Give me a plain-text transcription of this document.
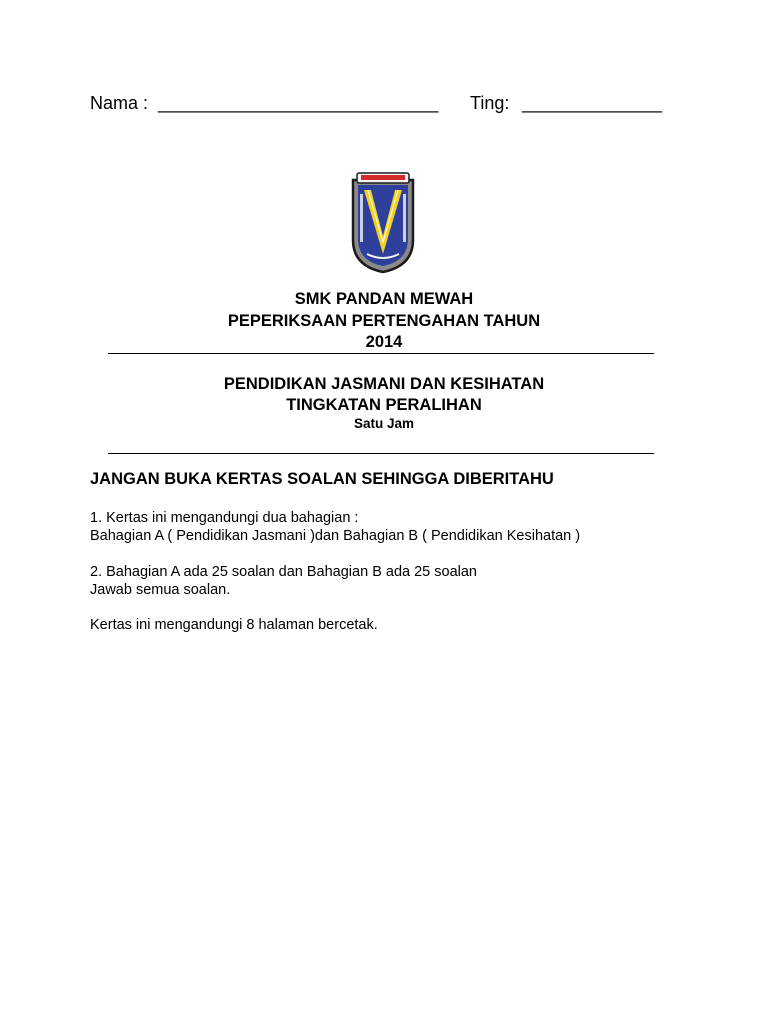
Nama : ____________________________ Ting: ______________
SMK PANDAN MEWAH
PEPERIKSAAN PERTENGAHAN TAHUN
2014
PENDIDIKAN JASMANI DAN KESIHATAN
TINGKATAN PERALIHAN
Satu Jam
JANGAN BUKA KERTAS SOALAN SEHINGGA DIBERITAHU
1. Kertas ini mengandungi dua bahagian :
Bahagian A ( Pendidikan Jasmani )dan Bahagian B ( Pendidikan Kesihatan )
2. Bahagian A ada 25 soalan dan Bahagian B ada 25 soalan
Jawab semua soalan.
Kertas ini mengandungi 8 halaman bercetak.
